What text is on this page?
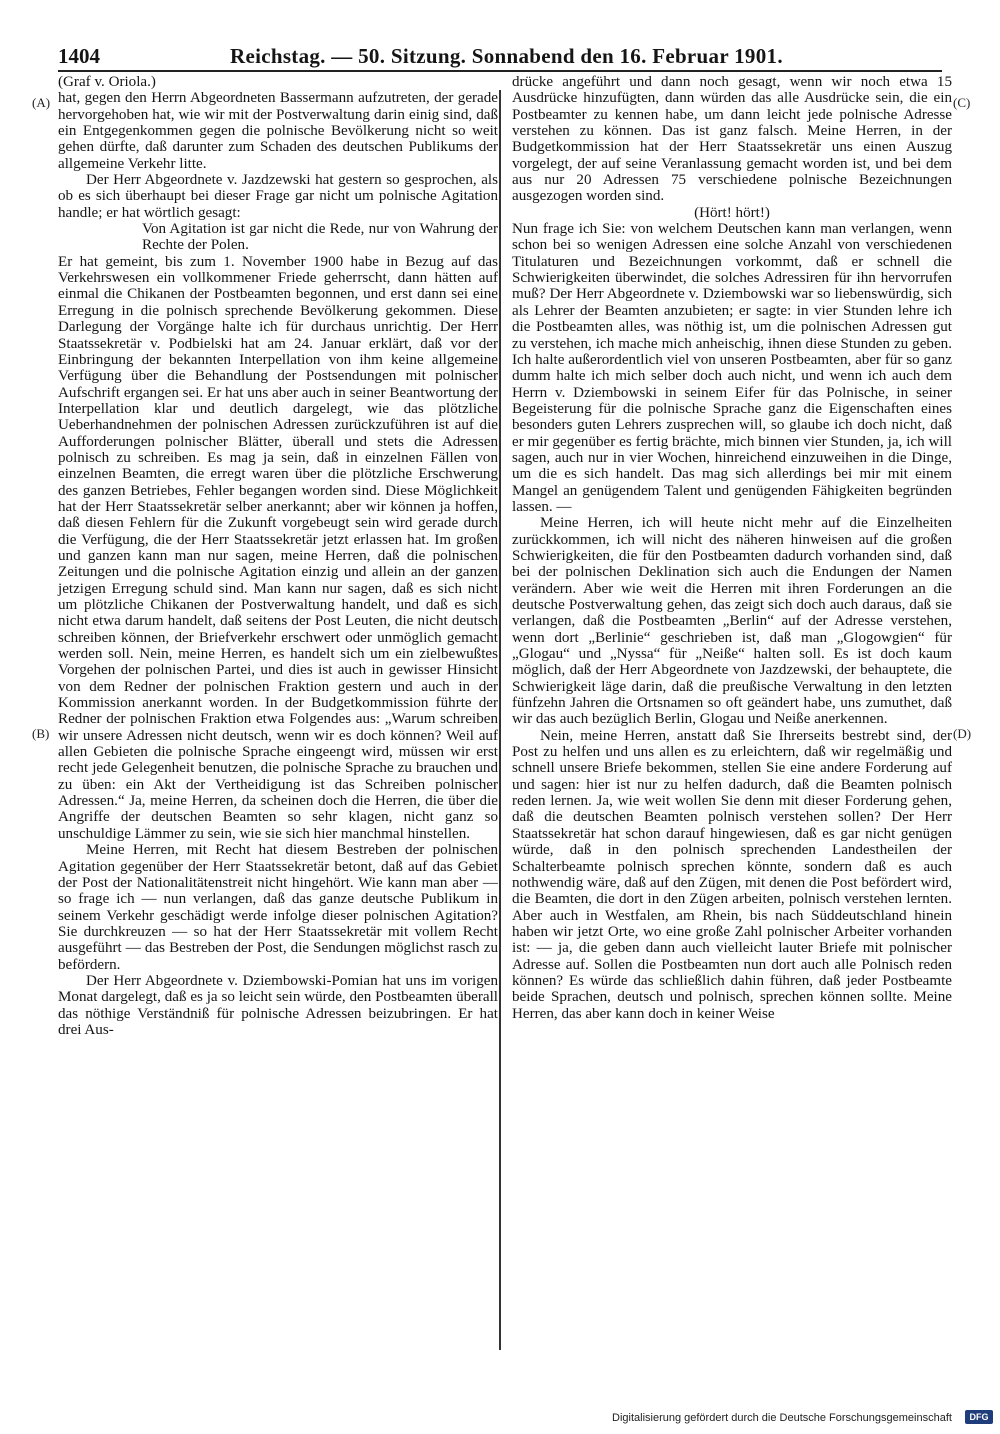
1404	Reichstag. — 50. Sitzung. Sonnabend den 16. Februar 1901.
(A)
(B)
(C)
(D)

(Graf v. Oriola.)

hat, gegen den Herrn Abgeordneten Bassermann aufzutreten, der gerade hervorgehoben hat, wie wir mit der Postverwaltung darin einig sind, daß ein Entgegenkommen gegen die polnische Bevölkerung nicht so weit gehen dürfte, daß darunter zum Schaden des deutschen Publikums der allgemeine Verkehr litte.

Der Herr Abgeordnete v. Jazdzewski hat gestern so gesprochen, als ob es sich überhaupt bei dieser Frage gar nicht um polnische Agitation handle; er hat wörtlich gesagt:

Von Agitation ist gar nicht die Rede, nur von Wahrung der Rechte der Polen.

Er hat gemeint, bis zum 1. November 1900 habe in Bezug auf das Verkehrswesen ein vollkommener Friede geherrscht, dann hätten auf einmal die Chikanen der Postbeamten begonnen, und erst dann sei eine Erregung in die polnisch sprechende Bevölkerung gekommen. Diese Darlegung der Vorgänge halte ich für durchaus unrichtig. Der Herr Staatssekretär v. Podbielski hat am 24. Januar erklärt, daß vor der Einbringung der bekannten Interpellation von ihm keine allgemeine Verfügung über die Behandlung der Postsendungen mit polnischer Aufschrift ergangen sei. Er hat uns aber auch in seiner Beantwortung der Interpellation klar und deutlich dargelegt, wie das plötzliche Ueberhandnehmen der polnischen Adressen zurückzuführen ist auf die Aufforderungen polnischer Blätter, überall und stets die Adressen polnisch zu schreiben. Es mag ja sein, daß in einzelnen Fällen von einzelnen Beamten, die erregt waren über die plötzliche Erschwerung des ganzen Betriebes, Fehler begangen worden sind. Diese Möglichkeit hat der Herr Staatssekretär selber anerkannt; aber wir können ja hoffen, daß diesen Fehlern für die Zukunft vorgebeugt sein wird gerade durch die Verfügung, die der Herr Staatssekretär jetzt erlassen hat. Im großen und ganzen kann man nur sagen, meine Herren, daß die polnischen Zeitungen und die polnische Agitation einzig und allein an der ganzen jetzigen Erregung schuld sind. Man kann nur sagen, daß es sich nicht um plötzliche Chikanen der Postverwaltung handelt, und daß es sich nicht etwa darum handelt, daß seitens der Post Leuten, die nicht deutsch schreiben können, der Briefverkehr erschwert oder unmöglich gemacht werden soll. Nein, meine Herren, es handelt sich um ein zielbewußtes Vorgehen der polnischen Partei, und dies ist auch in gewisser Hinsicht von dem Redner der polnischen Fraktion gestern und auch in der Kommission anerkannt worden. In der Budgetkommission führte der Redner der polnischen Fraktion etwa Folgendes aus: „Warum schreiben wir unsere Adressen nicht deutsch, wenn wir es doch können? Weil auf allen Gebieten die polnische Sprache eingeengt wird, müssen wir erst recht jede Gelegenheit benutzen, die polnische Sprache zu brauchen und zu üben: ein Akt der Vertheidigung ist das Schreiben polnischer Adressen.“ Ja, meine Herren, da scheinen doch die Herren, die über die Angriffe der deutschen Beamten so sehr klagen, nicht ganz so unschuldige Lämmer zu sein, wie sie sich hier manchmal hinstellen.

Meine Herren, mit Recht hat diesem Bestreben der polnischen Agitation gegenüber der Herr Staatssekretär betont, daß auf das Gebiet der Post der Nationalitätenstreit nicht hingehört. Wie kann man aber — so frage ich — nun verlangen, daß das ganze deutsche Publikum in seinem Verkehr geschädigt werde infolge dieser polnischen Agitation? Sie durchkreuzen — so hat der Herr Staatssekretär mit vollem Recht ausgeführt — das Bestreben der Post, die Sendungen möglichst rasch zu befördern.

Der Herr Abgeordnete v. Dziembowski-Pomian hat uns im vorigen Monat dargelegt, daß es ja so leicht sein würde, den Postbeamten überall das nöthige Verständniß für polnische Adressen beizubringen. Er hat drei Aus-

drücke angeführt und dann noch gesagt, wenn wir noch etwa 15 Ausdrücke hinzufügten, dann würden das alle Ausdrücke sein, die ein Postbeamter zu kennen habe, um dann leicht jede polnische Adresse verstehen zu können. Das ist ganz falsch. Meine Herren, in der Budgetkommission hat der Herr Staatssekretär uns einen Auszug vorgelegt, der auf seine Veranlassung gemacht worden ist, und bei dem aus nur 20 Adressen 75 verschiedene polnische Bezeichnungen ausgezogen worden sind.

(Hört! hört!)

Nun frage ich Sie: von welchem Deutschen kann man verlangen, wenn schon bei so wenigen Adressen eine solche Anzahl von verschiedenen Titulaturen und Bezeichnungen vorkommt, daß er schnell die Schwierigkeiten überwindet, die solches Adressiren für ihn hervorrufen muß? Der Herr Abgeordnete v. Dziembowski war so liebenswürdig, sich als Lehrer der Beamten anzubieten; er sagte: in vier Stunden lehre ich die Postbeamten alles, was nöthig ist, um die polnischen Adressen gut zu verstehen, ich mache mich anheischig, ihnen diese Stunden zu geben. Ich halte außerordentlich viel von unseren Postbeamten, aber für so ganz dumm halte ich mich selber doch auch nicht, und wenn ich auch dem Herrn v. Dziembowski in seinem Eifer für das Polnische, in seiner Begeisterung für die polnische Sprache ganz die Eigenschaften eines besonders guten Lehrers zusprechen will, so glaube ich doch nicht, daß er mir gegenüber es fertig brächte, mich binnen vier Stunden, ja, ich will sagen, auch nur in vier Wochen, hinreichend einzuweihen in die Dinge, um die es sich handelt. Das mag sich allerdings bei mir mit einem Mangel an genügendem Talent und genügenden Fähigkeiten begründen lassen. —

Meine Herren, ich will heute nicht mehr auf die Einzelheiten zurückkommen, ich will nicht des näheren hinweisen auf die großen Schwierigkeiten, die für den Postbeamten dadurch vorhanden sind, daß bei der polnischen Deklination sich auch die Endungen der Namen verändern. Aber wie weit die Herren mit ihren Forderungen an die deutsche Postverwaltung gehen, das zeigt sich doch auch daraus, daß sie verlangen, daß die Postbeamten „Berlin“ auf der Adresse verstehen, wenn dort „Berlinie“ geschrieben ist, daß man „Glogowgien“ für „Glogau“ und „Nyssa“ für „Neiße“ halten soll. Es ist doch kaum möglich, daß der Herr Abgeordnete von Jazdzewski, der behauptete, die Schwierigkeit läge darin, daß die preußische Verwaltung in den letzten fünfzehn Jahren die Ortsnamen so oft geändert habe, uns zumuthet, daß wir das auch bezüglich Berlin, Glogau und Neiße anerkennen.

Nein, meine Herren, anstatt daß Sie Ihrerseits bestrebt sind, der Post zu helfen und uns allen es zu erleichtern, daß wir regelmäßig und schnell unsere Briefe bekommen, stellen Sie eine andere Forderung auf und sagen: hier ist nur zu helfen dadurch, daß die Beamten polnisch reden lernen. Ja, wie weit wollen Sie denn mit dieser Forderung gehen, daß die deutschen Beamten polnisch verstehen sollen? Der Herr Staatssekretär hat schon darauf hingewiesen, daß es gar nicht genügen würde, daß in den polnisch sprechenden Landestheilen der Schalterbeamte polnisch sprechen könnte, sondern daß es auch nothwendig wäre, daß auf den Zügen, mit denen die Post befördert wird, die Beamten, die dort in den Zügen arbeiten, polnisch verstehen lernten. Aber auch in Westfalen, am Rhein, bis nach Süddeutschland hinein haben wir jetzt Orte, wo eine große Zahl polnischer Arbeiter vorhanden ist: — ja, die geben dann auch vielleicht lauter Briefe mit polnischer Adresse auf. Sollen die Postbeamten nun dort auch alle Polnisch reden können? Es würde das schließlich dahin führen, daß jeder Postbeamte beide Sprachen, deutsch und polnisch, sprechen können sollte. Meine Herren, das aber kann doch in keiner Weise

Digitalisierung gefördert durch die Deutsche Forschungsgemeinschaft	DFG
